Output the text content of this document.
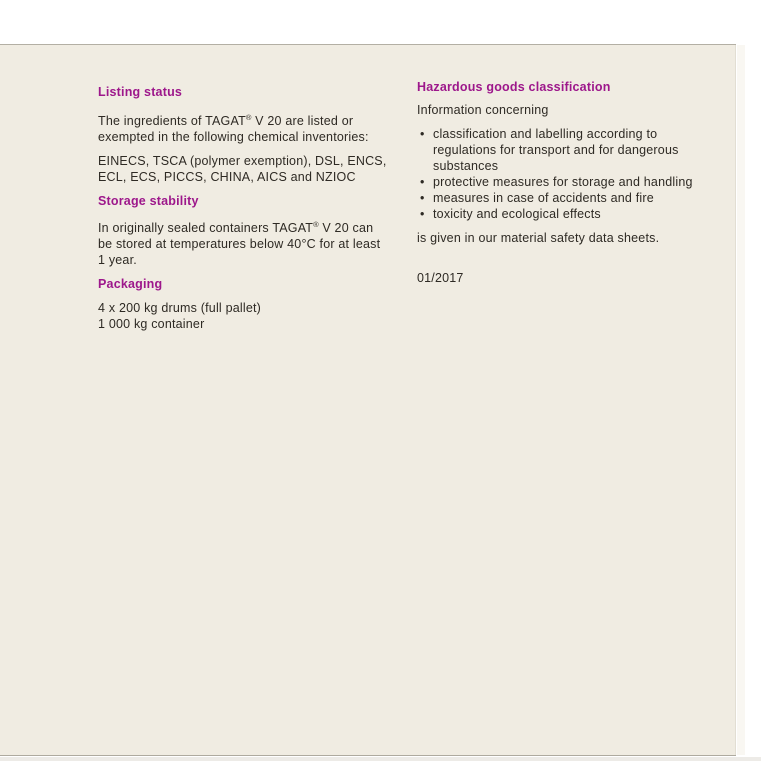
Listing status

The ingredients of TAGAT® V 20 are listed or
exempted in the following chemical inventories:

EINECS, TSCA (polymer exemption), DSL, ENCS,
ECL, ECS, PICCS, CHINA, AICS and NZIOC

Storage stability

In originally sealed containers TAGAT® V 20 can
be stored at temperatures below 40°C for at least
1 year.

Packaging

4 x 200 kg drums (full pallet)
1 000 kg container

Hazardous goods classification

Information concerning

• classification and labelling according to
regulations for transport and for dangerous
substances
• protective measures for storage and handling
• measures in case of accidents and fire
• toxicity and ecological effects

is given in our material safety data sheets.

01/2017
